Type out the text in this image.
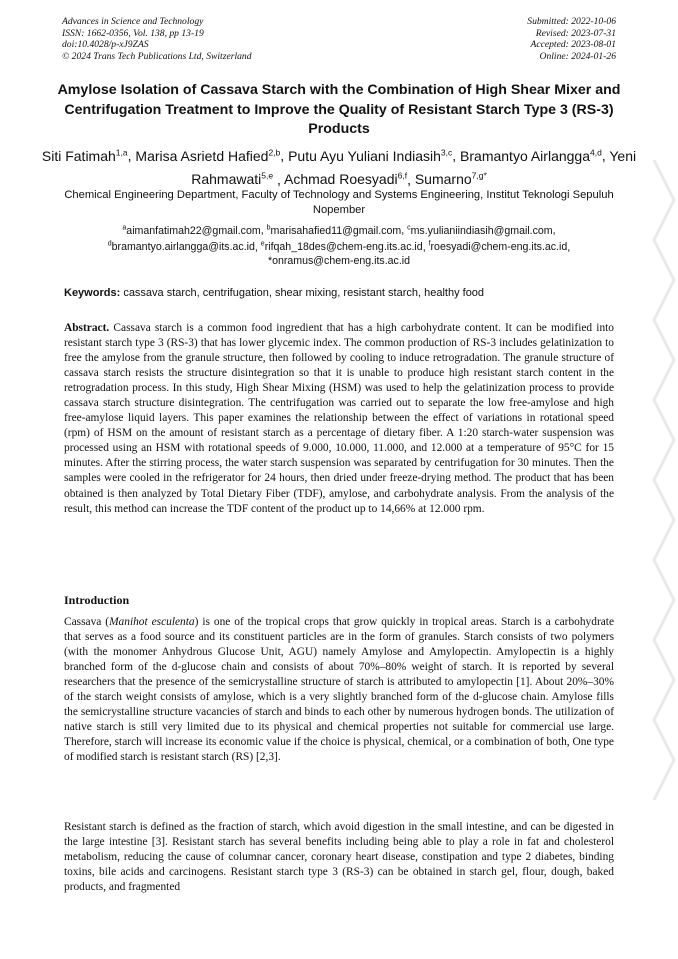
Advances in Science and Technology
ISSN: 1662-0356, Vol. 138, pp 13-19
doi:10.4028/p-xJ9ZAS
© 2024 Trans Tech Publications Ltd, Switzerland
Submitted: 2022-10-06
Revised: 2023-07-31
Accepted: 2023-08-01
Online: 2024-01-26
Amylose Isolation of Cassava Starch with the Combination of High Shear Mixer and Centrifugation Treatment to Improve the Quality of Resistant Starch Type 3 (RS-3) Products
Siti Fatimah$^{1,a}$, Marisa Asrietd Hafied$^{2,b}$, Putu Ayu Yuliani Indiasih$^{3,c}$, Bramantyo Airlangga$^{4,d}$, Yeni Rahmawati$^{5,e}$ , Achmad Roesyadi$^{6,f}$, Sumarno$^{7,g*}$
Chemical Engineering Department, Faculty of Technology and Systems Engineering, Institut Teknologi Sepuluh Nopember
$^a$aimanfatimah22@gmail.com, $^b$marisahafied11@gmail.com, $^c$ms.yulianiindiasih@gmail.com, $^d$bramantyo.airlangga@its.ac.id, $^e$rifqah_18des@chem-eng.its.ac.id, $^f$roesyadi@chem-eng.its.ac.id,
*onramus@chem-eng.its.ac.id
Keywords: cassava starch, centrifugation, shear mixing, resistant starch, healthy food
Abstract. Cassava starch is a common food ingredient that has a high carbohydrate content. It can be modified into resistant starch type 3 (RS-3) that has lower glycemic index. The common production of RS-3 includes gelatinization to free the amylose from the granule structure, then followed by cooling to induce retrogradation. The granule structure of cassava starch resists the structure disintegration so that it is unable to produce high resistant starch content in the retrogradation process. In this study, High Shear Mixing (HSM) was used to help the gelatinization process to provide cassava starch structure disintegration. The centrifugation was carried out to separate the low free-amylose and high free-amylose liquid layers. This paper examines the relationship between the effect of variations in rotational speed (rpm) of HSM on the amount of resistant starch as a percentage of dietary fiber. A 1:20 starch-water suspension was processed using an HSM with rotational speeds of 9.000, 10.000, 11.000, and 12.000 at a temperature of 95°C for 15 minutes. After the stirring process, the water starch suspension was separated by centrifugation for 30 minutes. Then the samples were cooled in the refrigerator for 24 hours, then dried under freeze-drying method. The product that has been obtained is then analyzed by Total Dietary Fiber (TDF), amylose, and carbohydrate analysis. From the analysis of the result, this method can increase the TDF content of the product up to 14,66% at 12.000 rpm.
Introduction
Cassava (Manihot esculenta) is one of the tropical crops that grow quickly in tropical areas. Starch is a carbohydrate that serves as a food source and its constituent particles are in the form of granules. Starch consists of two polymers (with the monomer Anhydrous Glucose Unit, AGU) namely Amylose and Amylopectin. Amylopectin is a highly branched form of the d-glucose chain and consists of about 70%–80% weight of starch. It is reported by several researchers that the presence of the semicrystalline structure of starch is attributed to amylopectin [1]. About 20%–30% of the starch weight consists of amylose, which is a very slightly branched form of the d-glucose chain. Amylose fills the semicrystalline structure vacancies of starch and binds to each other by numerous hydrogen bonds. The utilization of native starch is still very limited due to its physical and chemical properties not suitable for commercial use large. Therefore, starch will increase its economic value if the choice is physical, chemical, or a combination of both, One type of modified starch is resistant starch (RS) [2,3].
Resistant starch is defined as the fraction of starch, which avoid digestion in the small intestine, and can be digested in the large intestine [3]. Resistant starch has several benefits including being able to play a role in fat and cholesterol metabolism, reducing the cause of columnar cancer, coronary heart disease, constipation and type 2 diabetes, binding toxins, bile acids and carcinogens. Resistant starch type 3 (RS-3) can be obtained in starch gel, flour, dough, baked products, and fragmented
